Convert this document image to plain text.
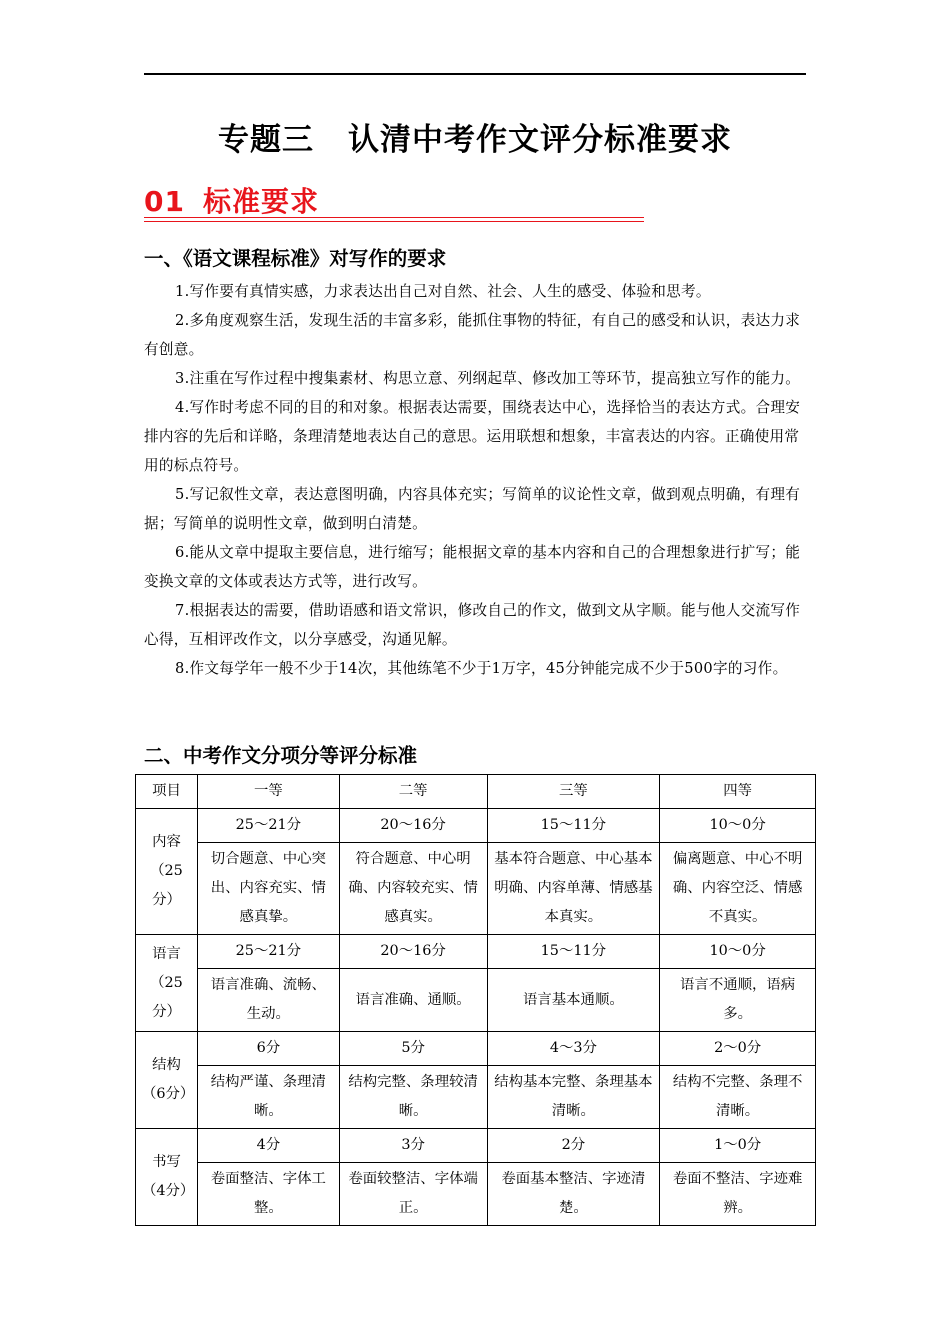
专题三 认清中考作文评分标准要求
01 标准要求
一、《语文课程标准》对写作的要求

1.写作要有真情实感，力求表达出自己对自然、社会、人生的感受、体验和思考。

2.多角度观察生活，发现生活的丰富多彩，能抓住事物的特征，有自己的感受和认识，表达力求有创意。

3.注重在写作过程中搜集素材、构思立意、列纲起草、修改加工等环节，提高独立写作的能力。

4.写作时考虑不同的目的和对象。根据表达需要，围绕表达中心，选择恰当的表达方式。合理安排内容的先后和详略，条理清楚地表达自己的意思。运用联想和想象，丰富表达的内容。正确使用常用的标点符号。

5.写记叙性文章，表达意图明确，内容具体充实；写简单的议论性文章，做到观点明确，有理有据；写简单的说明性文章，做到明白清楚。

6.能从文章中提取主要信息，进行缩写；能根据文章的基本内容和自己的合理想象进行扩写；能变换文章的文体或表达方式等，进行改写。

7.根据表达的需要，借助语感和语文常识，修改自己的作文，做到文从字顺。能与他人交流写作心得，互相评改作文，以分享感受，沟通见解。

8.作文每学年一般不少于14次，其他练笔不少于1万字，45分钟能完成不少于500字的习作。

二、中考作文分项分等评分标准
项目	一等	二等	三等	四等
内容（25分）	25～21分	20～16分	15～11分	10～0分
	切合题意、中心突出、内容充实、情感真挚。	符合题意、中心明确、内容较充实、情感真实。	基本符合题意、中心基本明确、内容单薄、情感基本真实。	偏离题意、中心不明确、内容空泛、情感不真实。
语言（25分）	25～21分	20～16分	15～11分	10～0分
	语言准确、流畅、生动。	语言准确、通顺。	语言基本通顺。	语言不通顺，语病多。
结构（6分）	6分	5分	4～3分	2～0分
	结构严谨、条理清晰。	结构完整、条理较清晰。	结构基本完整、条理基本清晰。	结构不完整、条理不清晰。
书写（4分）	4分	3分	2分	1～0分
	卷面整洁、字体工整。	卷面较整洁、字体端正。	卷面基本整洁、字迹清楚。	卷面不整洁、字迹难辨。
